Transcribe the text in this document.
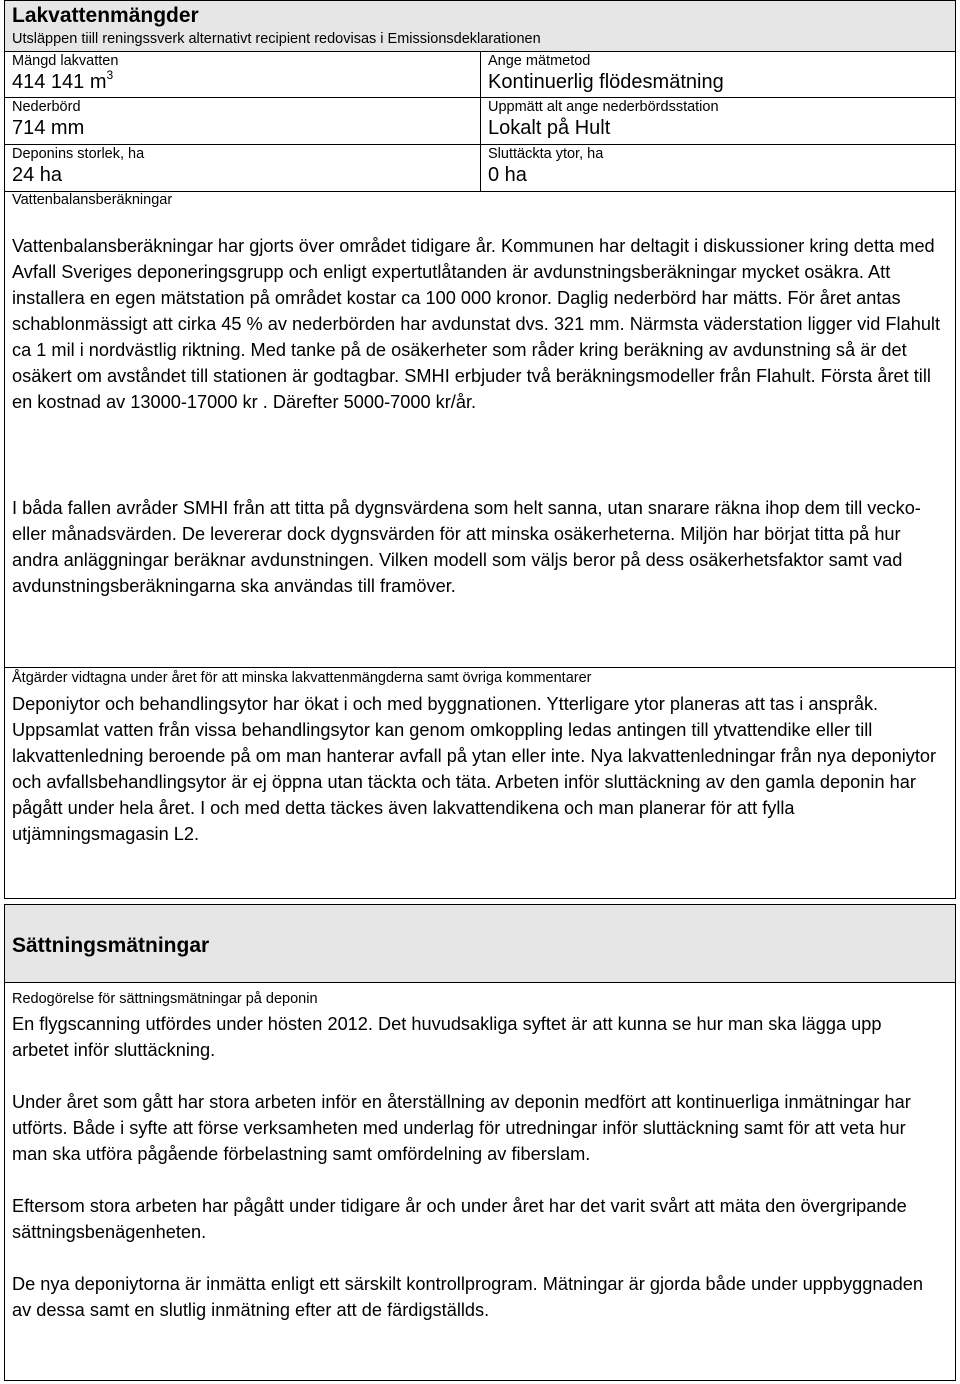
Lakvattenmängder
Utsläppen tiill reningssverk alternativt recipient redovisas i Emissionsdeklarationen
Mängd lakvatten
414 141 $m^3$
Ange mätmetod
Kontinuerlig flödesmätning
Nederbörd
714 mm
Uppmätt alt ange nederbördsstation
Lokalt på Hult
Deponins storlek, ha
24 ha
Sluttäckta ytor, ha
0 ha
Vattenbalansberäkningar
Vattenbalansberäkningar har gjorts över området tidigare år. Kommunen har deltagit i diskussioner kring detta med Avfall Sveriges deponeringsgrupp och enligt expertutlåtanden är avdunstningsberäkningar mycket osäkra. Att installera en egen mätstation på området kostar ca 100 000 kronor. Daglig nederbörd har mätts. För året antas schablonmässigt att cirka 45 % av nederbörden har avdunstat dvs. 321 mm. Närmsta väderstation ligger vid Flahult ca 1 mil i nordvästlig riktning. Med tanke på de osäkerheter som råder kring beräkning av avdunstning så är det osäkert om avståndet till stationen är godtagbar. SMHI erbjuder två beräkningsmodeller från Flahult. Första året till en kostnad av 13000-17000 kr . Därefter 5000-7000 kr/år.
I båda fallen avråder SMHI från att titta på dygnsvärdena som helt sanna, utan snarare räkna ihop dem till vecko- eller månadsvärden. De levererar dock dygnsvärden för att minska osäkerheterna. Miljön har börjat titta på hur andra anläggningar beräknar avdunstningen. Vilken modell som väljs beror på dess osäkerhetsfaktor samt vad avdunstningsberäkningarna ska användas till framöver.
Åtgärder vidtagna under året för att minska lakvattenmängderna samt övriga kommentarer
Deponiytor och behandlingsytor har ökat i och med byggnationen. Ytterligare ytor planeras att tas i anspråk. Uppsamlat vatten från vissa behandlingsytor kan genom omkoppling ledas antingen till ytvattendike eller till lakvattenledning beroende på om man hanterar avfall på ytan eller inte. Nya lakvattenledningar från nya deponiytor och avfallsbehandlingsytor är ej öppna utan täckta och täta. Arbeten inför sluttäckning av den gamla deponin har pågått under hela året. I och med detta täckes även lakvattendikena och man planerar för att fylla utjämningsmagasin L2.
Sättningsmätningar
Redogörelse för sättningsmätningar på deponin
En flygscanning utfördes under hösten 2012. Det huvudsakliga syftet är att kunna se hur man ska lägga upp arbetet inför sluttäckning.
Under året som gått har stora arbeten inför en återställning av deponin medfört att kontinuerliga inmätningar har utförts. Både i syfte att förse verksamheten med underlag för utredningar inför sluttäckning samt för att veta hur man ska utföra pågående förbelastning samt omfördelning av fiberslam.
Eftersom stora arbeten har pågått under tidigare år och under året har det varit svårt att mäta den övergripande sättningsbenägenheten.
De nya deponiytorna är inmätta enligt ett särskilt kontrollprogram. Mätningar är gjorda både under uppbyggnaden av dessa samt en slutlig inmätning efter att de färdigställds.
